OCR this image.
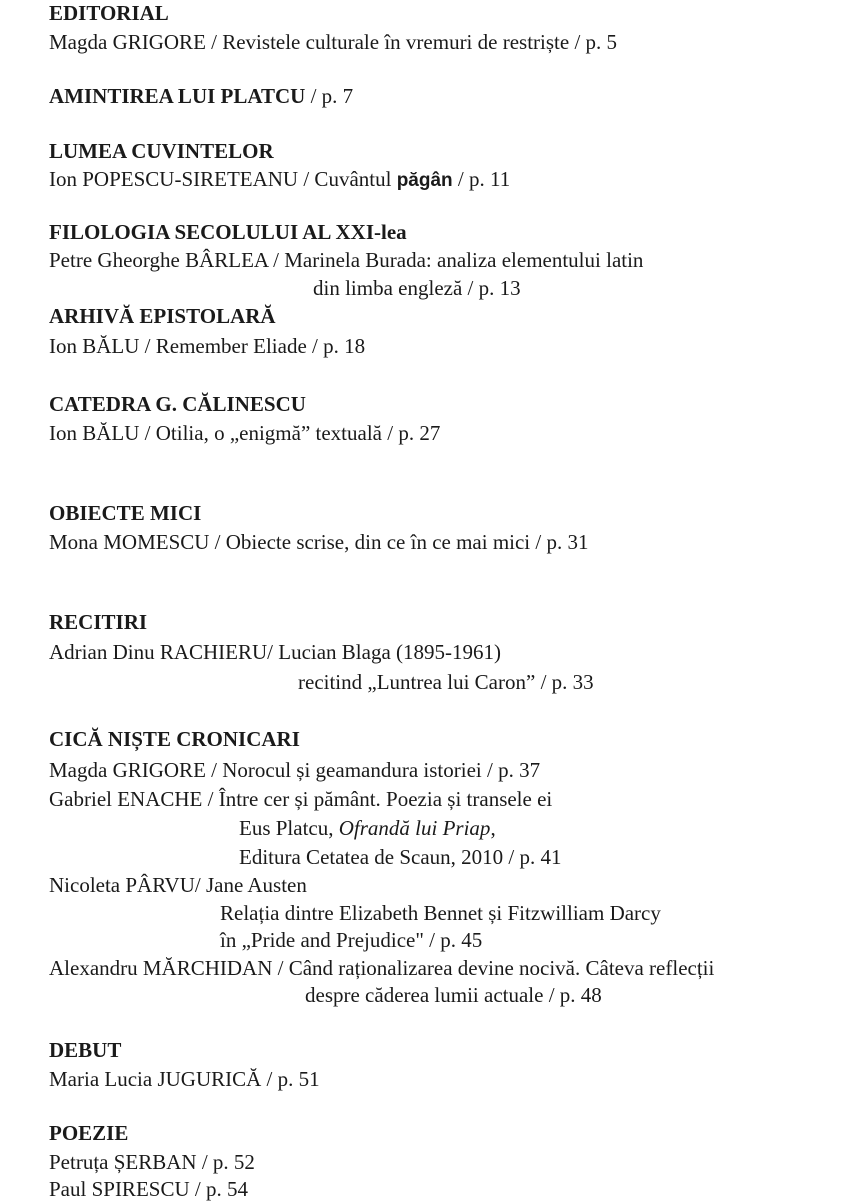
EDITORIAL
Magda GRIGORE / Revistele culturale în vremuri de restriște / p. 5
AMINTIREA LUI PLATCU / p. 7
LUMEA CUVINTELOR
Ion POPESCU-SIRETEANU / Cuvântul păgân / p. 11
FILOLOGIA SECOLULUI AL XXI-lea
Petre Gheorghe BÂRLEA / Marinela Burada: analiza elementului latin
din limba engleză / p. 13
ARHIVĂ EPISTOLARĂ
Ion BĂLU / Remember Eliade / p. 18
CATEDRA G. CĂLINESCU
Ion BĂLU / Otilia, o „enigmă” textuală / p. 27
OBIECTE MICI
Mona MOMESCU / Obiecte scrise, din ce în ce mai mici / p. 31
RECITIRI
Adrian Dinu RACHIERU/ Lucian Blaga (1895-1961)
recitind „Luntrea lui Caron” / p. 33
CICĂ NIȘTE CRONICARI
Magda GRIGORE / Norocul și geamandura istoriei / p. 37
Gabriel ENACHE / Între cer și pământ. Poezia și transele ei
Eus Platcu, Ofrandă lui Priap,
Editura Cetatea de Scaun, 2010 / p. 41
Nicoleta PÂRVU/ Jane Austen
Relația dintre Elizabeth Bennet și Fitzwilliam Darcy
în „Pride and Prejudice" / p. 45
Alexandru MĂRCHIDAN / Când raționalizarea devine nocivă. Câteva reflecții
despre căderea lumii actuale / p. 48
DEBUT
Maria Lucia JUGURICĂ / p. 51
POEZIE
Petruța ȘERBAN / p. 52
Paul SPIRESCU / p. 54
